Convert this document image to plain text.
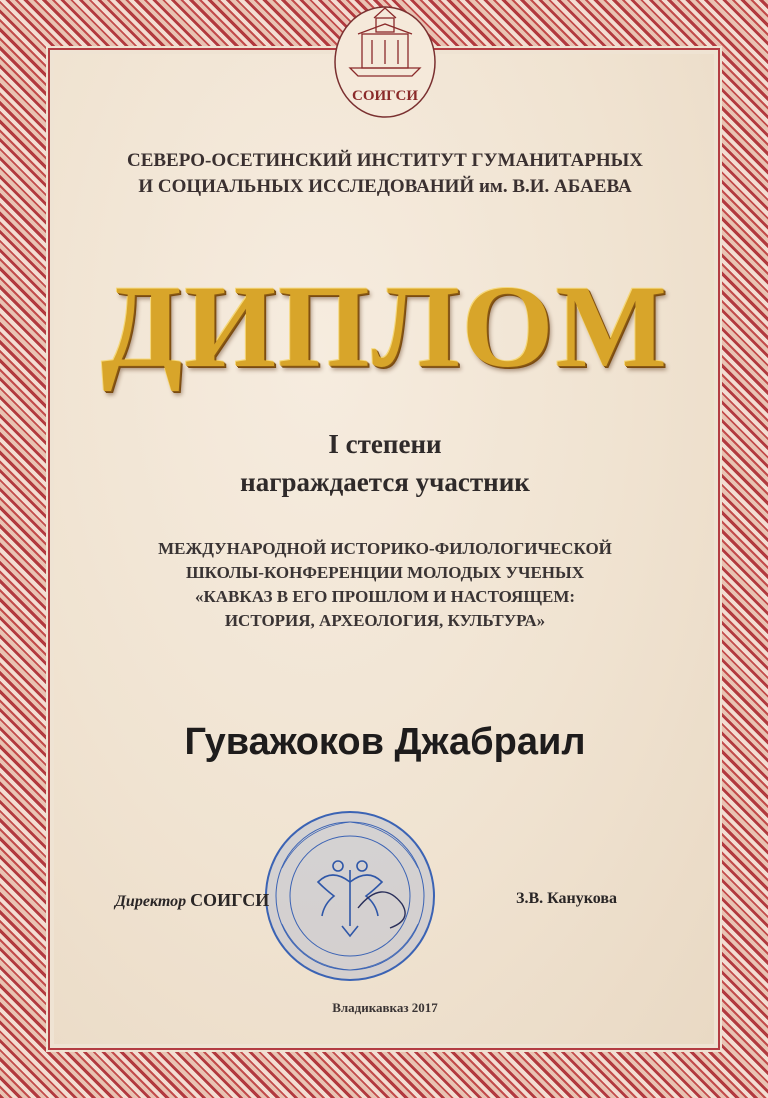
СОИГСИ
СЕВЕРО-ОСЕТИНСКИЙ ИНСТИТУТ ГУМАНИТАРНЫХ
И СОЦИАЛЬНЫХ ИССЛЕДОВАНИЙ им. В.И. АБАЕВА
ДИПЛОМ
I степени
награждается участник
МЕЖДУНАРОДНОЙ ИСТОРИКО-ФИЛОЛОГИЧЕСКОЙ
ШКОЛЫ-КОНФЕРЕНЦИИ МОЛОДЫХ УЧЕНЫХ
«КАВКАЗ В ЕГО ПРОШЛОМ И НАСТОЯЩЕМ:
ИСТОРИЯ, АРХЕОЛОГИЯ, КУЛЬТУРА»
Гуважоков Джабраил
Директор СОИГСИ	З.В. Канукова
Владикавказ 2017
